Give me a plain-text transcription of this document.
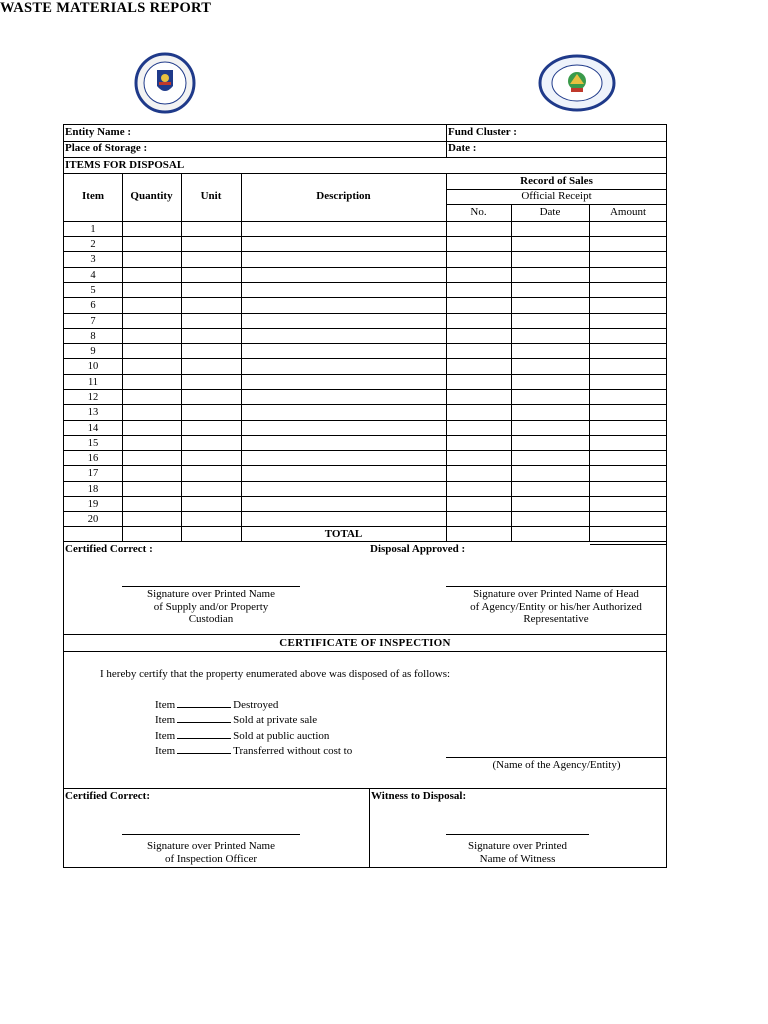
WASTE MATERIALS REPORT
Entity Name :	Fund Cluster :
Place of Storage :	Date :
ITEMS FOR DISPOSAL
Item	Quantity	Unit	Description
Record of Sales
Official Receipt
No.	Date	Amount
1
2
3
4
5
6
7
8
9
10
11
12
13
14
15
16
17
18
19
20
TOTAL
Certified Correct :	Disposal Approved :
Signature over Printed Name
of Supply and/or Property
Custodian
Signature over Printed Name of Head
of Agency/Entity or his/her Authorized
Representative
CERTIFICATE OF INSPECTION
I hereby certify that the property enumerated above was disposed of as follows:
Item	Destroyed
Item	Sold at private sale
Item	Sold at public auction
Item	Transferred without cost to
(Name of the Agency/Entity)
Certified Correct:	Witness to Disposal:
Signature over Printed Name
of Inspection Officer
Signature over Printed
Name of Witness
